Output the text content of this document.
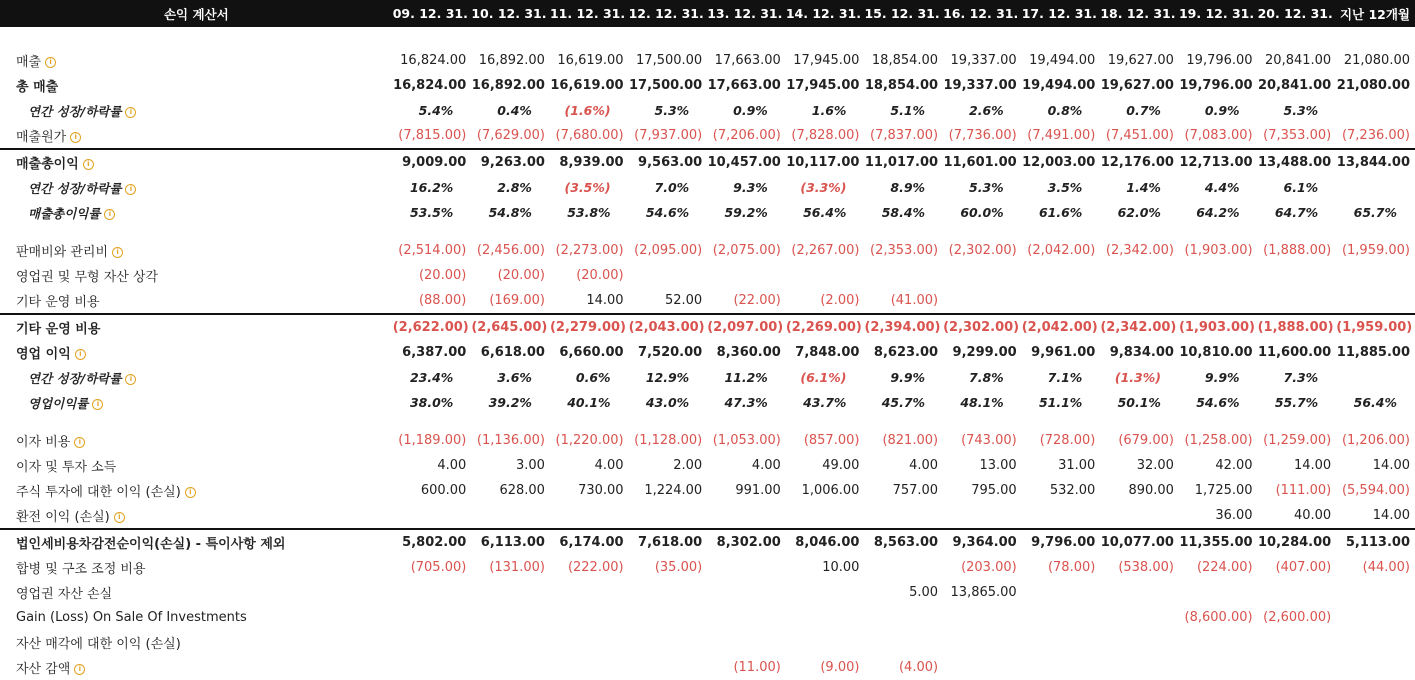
손익 계산서	09. 12. 31.	10. 12. 31.	11. 12. 31.	12. 12. 31.	13. 12. 31.	14. 12. 31.	15. 12. 31.	16. 12. 31.	17. 12. 31.	18. 12. 31.	19. 12. 31.	20. 12. 31.	지난 12개월

매출 i	16,824.00	16,892.00	16,619.00	17,500.00	17,663.00	17,945.00	18,854.00	19,337.00	19,494.00	19,627.00	19,796.00	20,841.00	21,080.00
총 매출	16,824.00	16,892.00	16,619.00	17,500.00	17,663.00	17,945.00	18,854.00	19,337.00	19,494.00	19,627.00	19,796.00	20,841.00	21,080.00
연간 성장/하락률 i	5.4%	0.4%	(1.6%)	5.3%	0.9%	1.6%	5.1%	2.6%	0.8%	0.7%	0.9%	5.3%	
매출원가 i	(7,815.00)	(7,629.00)	(7,680.00)	(7,937.00)	(7,206.00)	(7,828.00)	(7,837.00)	(7,736.00)	(7,491.00)	(7,451.00)	(7,083.00)	(7,353.00)	(7,236.00)
매출총이익 i	9,009.00	9,263.00	8,939.00	9,563.00	10,457.00	10,117.00	11,017.00	11,601.00	12,003.00	12,176.00	12,713.00	13,488.00	13,844.00
연간 성장/하락률 i	16.2%	2.8%	(3.5%)	7.0%	9.3%	(3.3%)	8.9%	5.3%	3.5%	1.4%	4.4%	6.1%	
매출총이익률 i	53.5%	54.8%	53.8%	54.6%	59.2%	56.4%	58.4%	60.0%	61.6%	62.0%	64.2%	64.7%	65.7%

판매비와 관리비 i	(2,514.00)	(2,456.00)	(2,273.00)	(2,095.00)	(2,075.00)	(2,267.00)	(2,353.00)	(2,302.00)	(2,042.00)	(2,342.00)	(1,903.00)	(1,888.00)	(1,959.00)
영업권 및 무형 자산 상각	(20.00)	(20.00)	(20.00)										
기타 운영 비용	(88.00)	(169.00)	14.00	52.00	(22.00)	(2.00)	(41.00)						
기타 운영 비용	(2,622.00)	(2,645.00)	(2,279.00)	(2,043.00)	(2,097.00)	(2,269.00)	(2,394.00)	(2,302.00)	(2,042.00)	(2,342.00)	(1,903.00)	(1,888.00)	(1,959.00)
영업 이익 i	6,387.00	6,618.00	6,660.00	7,520.00	8,360.00	7,848.00	8,623.00	9,299.00	9,961.00	9,834.00	10,810.00	11,600.00	11,885.00
연간 성장/하락률 i	23.4%	3.6%	0.6%	12.9%	11.2%	(6.1%)	9.9%	7.8%	7.1%	(1.3%)	9.9%	7.3%	
영업이익률 i	38.0%	39.2%	40.1%	43.0%	47.3%	43.7%	45.7%	48.1%	51.1%	50.1%	54.6%	55.7%	56.4%

이자 비용 i	(1,189.00)	(1,136.00)	(1,220.00)	(1,128.00)	(1,053.00)	(857.00)	(821.00)	(743.00)	(728.00)	(679.00)	(1,258.00)	(1,259.00)	(1,206.00)
이자 및 투자 소득	4.00	3.00	4.00	2.00	4.00	49.00	4.00	13.00	31.00	32.00	42.00	14.00	14.00
주식 투자에 대한 이익 (손실) i	600.00	628.00	730.00	1,224.00	991.00	1,006.00	757.00	795.00	532.00	890.00	1,725.00	(111.00)	(5,594.00)
환전 이익 (손실) i											36.00	40.00	14.00
법인세비용차감전순이익(손실) - 특이사항 제외	5,802.00	6,113.00	6,174.00	7,618.00	8,302.00	8,046.00	8,563.00	9,364.00	9,796.00	10,077.00	11,355.00	10,284.00	5,113.00
합병 및 구조 조정 비용	(705.00)	(131.00)	(222.00)	(35.00)		10.00		(203.00)	(78.00)	(538.00)	(224.00)	(407.00)	(44.00)
영업권 자산 손실							5.00	13,865.00					
Gain (Loss) On Sale Of Investments											(8,600.00)	(2,600.00)	
자산 매각에 대한 이익 (손실)													
자산 감액 i					(11.00)	(9.00)	(4.00)						
